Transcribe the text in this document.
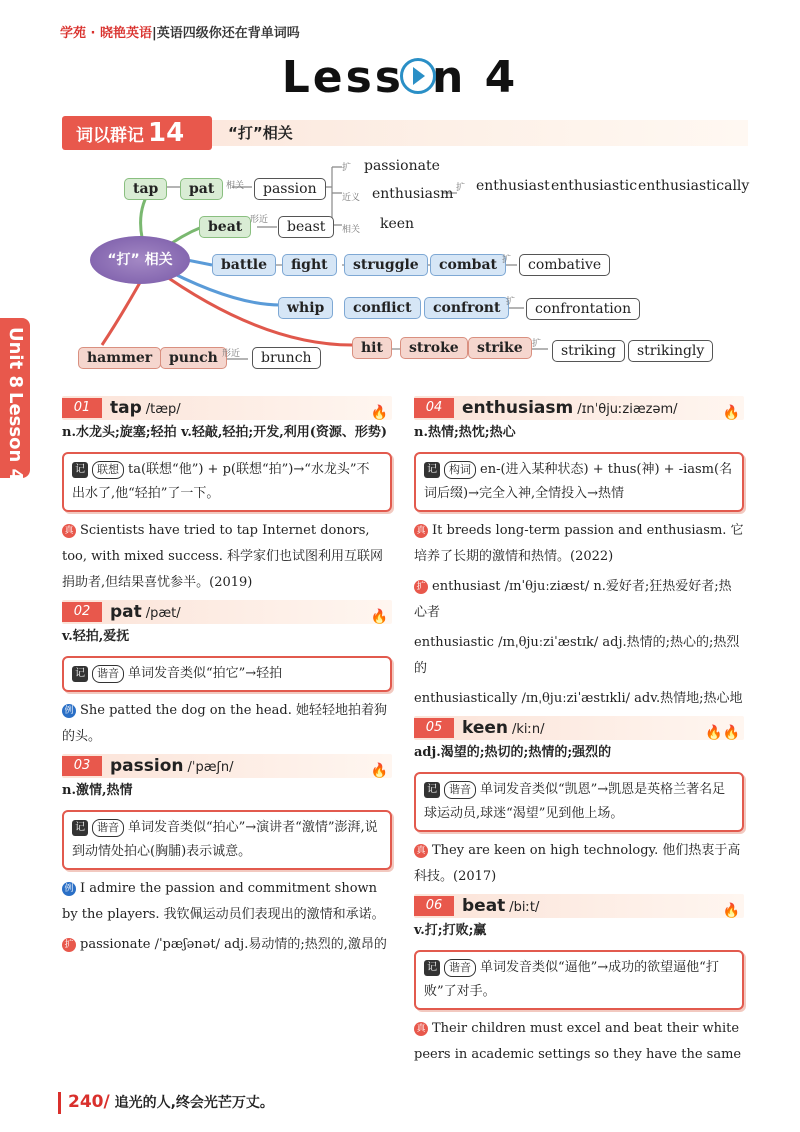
学苑 · 晓艳英语|英语四级你还在背单词吗
Less n 4
词以群记 14	“打”相关
Unit 8
Lesson 4
tap	pat	相关	passion
扩 passionate
近义 enthusiasm 扩 enthusiast enthusiastic enthusiastically
相关 keen
beat 形近	beast
“打” 相关	battle	fight	struggle	combat 扩	combative
whip	conflict	confront 扩	confrontation
hammer	punch 形近	brunch
hit	stroke	strike	扩	striking	strikingly
01	tap /tæp/	🔥
n.水龙头;旋塞;轻拍 v.轻敲,轻拍;开发,利用(资源、形势)
记 联想 ta(联想“他”) + p(联想“拍”)→“水龙头”不出水了,他“轻拍”了一下。
真 Scientists have tried to tap Internet donors, too, with mixed success. 科学家们也试图利用互联网捐助者,但结果喜忧参半。(2019)
02	pat /pæt/	🔥
v.轻拍,爱抚
记 谐音 单词发音类似“拍它”→轻拍
例 She patted the dog on the head. 她轻轻地拍着狗的头。
03	passion /ˈpæʃn/	🔥
n.激情,热情
记 谐音 单词发音类似“拍心”→演讲者“激情”澎湃,说到动情处拍心(胸脯)表示诚意。
例 I admire the passion and commitment shown by the players. 我钦佩运动员们表现出的激情和承诺。
扩 passionate /ˈpæʃənət/ adj.易动情的;热烈的,激昂的
04	enthusiasm /ɪnˈθjuːziæzəm/	🔥
n.热情;热忱;热心
记 构词 en-(进入某种状态) + thus(神) + -iasm(名词后缀)→完全入神,全情投入→热情
真 It breeds long-term passion and enthusiasm. 它培养了长期的激情和热情。(2022)
扩 enthusiast /ɪnˈθjuːziæst/ n.爱好者;狂热爱好者;热心者
enthusiastic /ɪnˌθjuːziˈæstɪk/ adj.热情的;热心的;热烈的
enthusiastically /ɪnˌθjuːziˈæstɪkli/ adv.热情地;热心地
05	keen /kiːn/	🔥🔥
adj.渴望的;热切的;热情的;强烈的
记 谐音 单词发音类似“凯恩”→凯恩是英格兰著名足球运动员,球迷“渴望”见到他上场。
真 They are keen on high technology. 他们热衷于高科技。(2017)
06	beat /biːt/	🔥
v.打;打败;赢
记 谐音 单词发音类似“逼他”→成功的欲望逼他“打败”了对手。
真 Their children must excel and beat their white peers in academic settings so they have the same
240/ 追光的人,终会光芒万丈。
